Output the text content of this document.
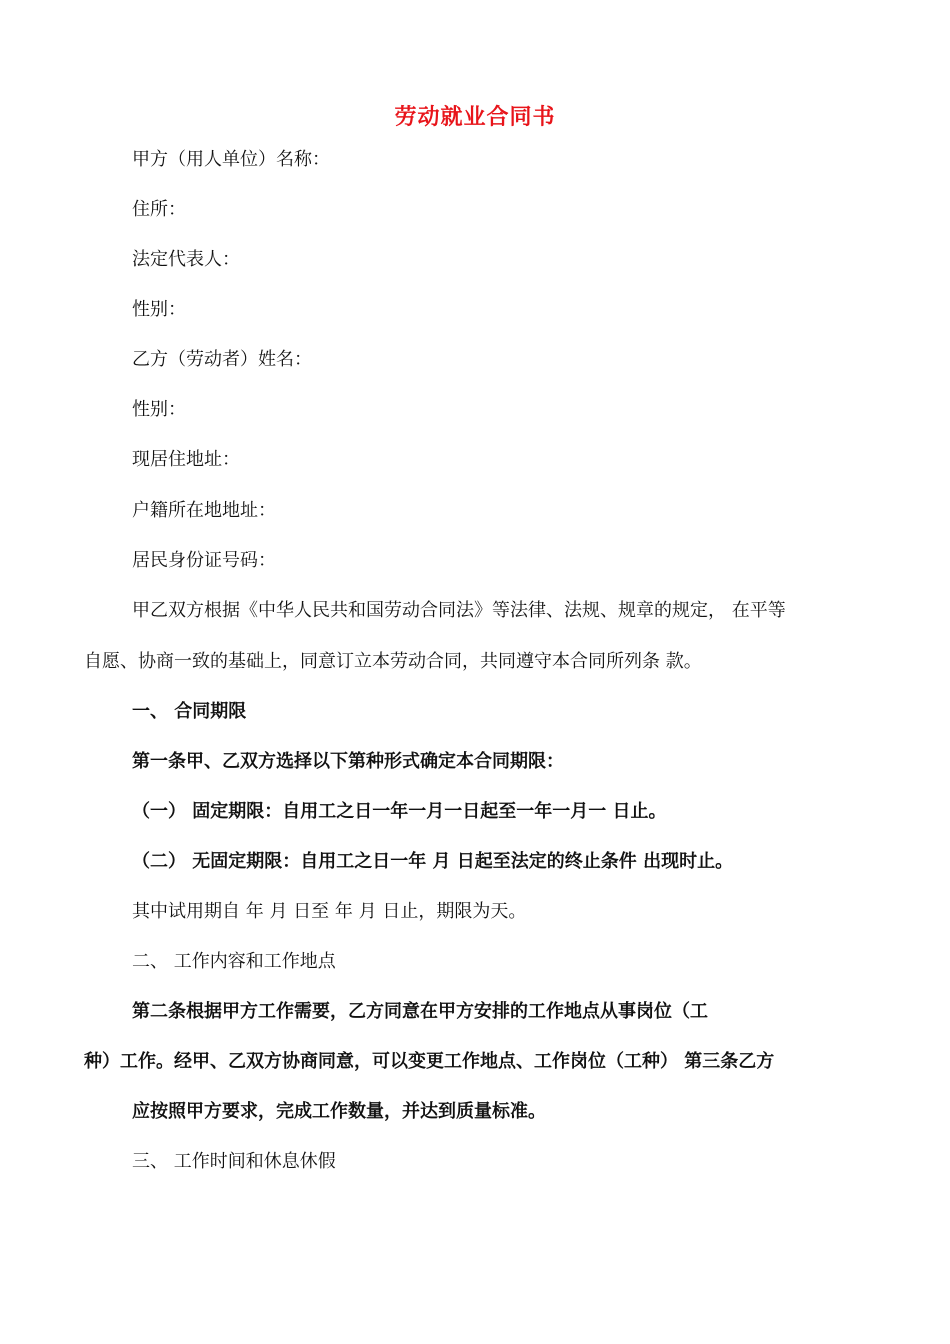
劳动就业合同书
甲方（用人单位）名称：
住所：
法定代表人：
性别：
乙方（劳动者）姓名：
性别：
现居住地址：
户籍所在地地址：
居民身份证号码：
甲乙双方根据《中华人民共和国劳动合同法》等法律、法规、规章的规定， 在平等
自愿、协商一致的基础上，同意订立本劳动合同，共同遵守本合同所列条 款。
一、 合同期限
第一条甲、乙双方选择以下第种形式确定本合同期限：
（一） 固定期限：自用工之日一年一月一日起至一年一月一 日止。
（二） 无固定期限：自用工之日一年 月 日起至法定的终止条件 出现时止。
其中试用期自 年 月 日至 年 月 日止，期限为天。
二、 工作内容和工作地点
第二条根据甲方工作需要，乙方同意在甲方安排的工作地点从事岗位（工
种）工作。经甲、乙双方协商同意，可以变更工作地点、工作岗位（工种） 第三条乙方
应按照甲方要求，完成工作数量，并达到质量标准。
三、 工作时间和休息休假
